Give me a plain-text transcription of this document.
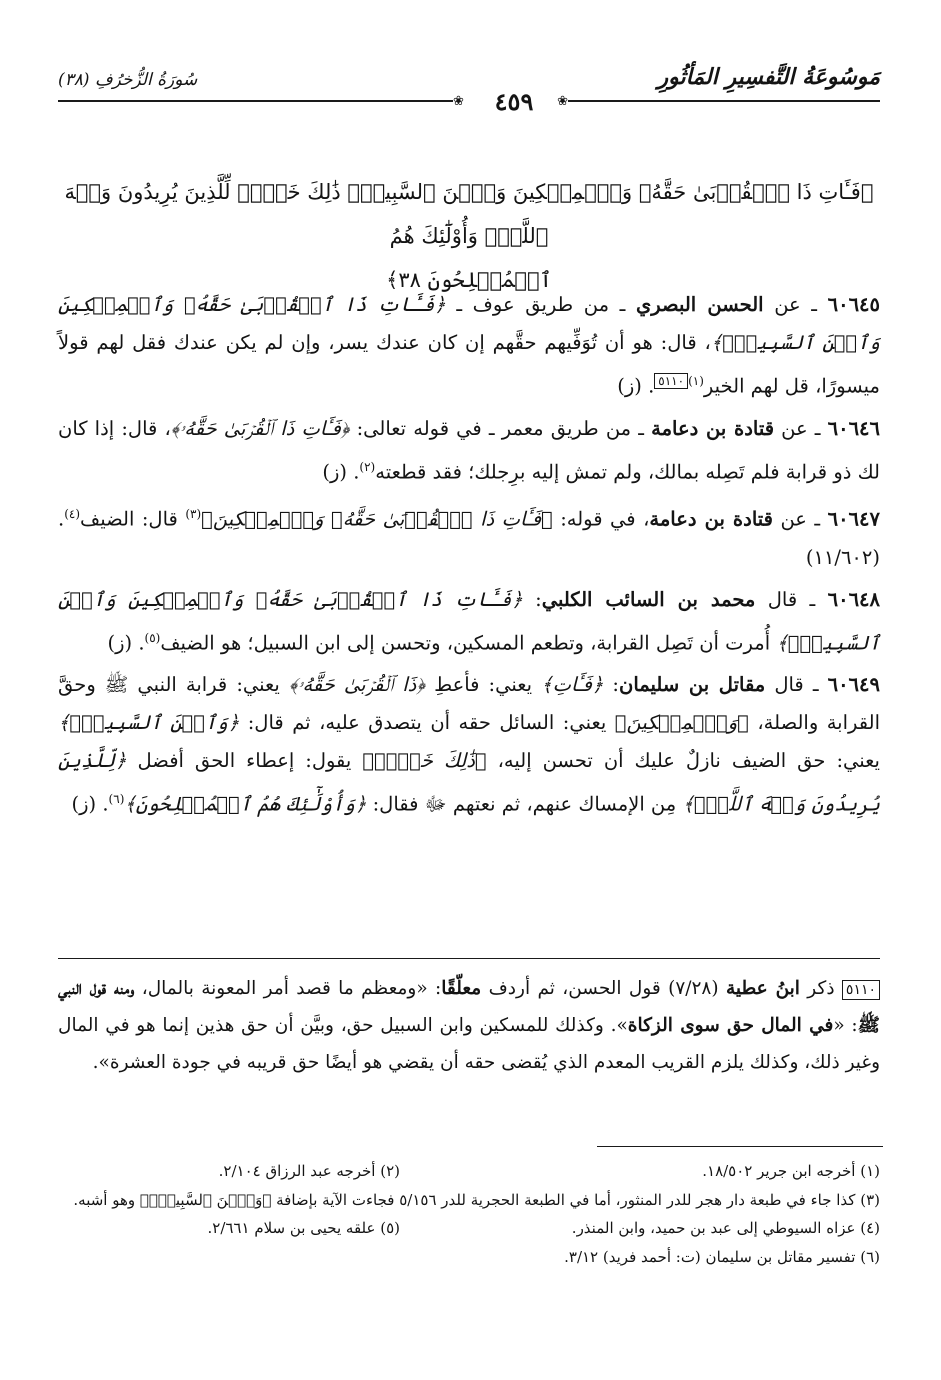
مَوسُوعَةُ التَّفسِيرِ المَأثُورِ
سُورَةُ الزُّخرُفِ (٣٨)
❀
٤٥٩
❀
﴿فَـَٔاتِ ذَا ٱلۡقُرۡبَىٰ حَقَّهُۥ وَٱلۡمِسۡكِينَ وَٱبۡنَ ٱلسَّبِيلِۚ ذَٰلِكَ خَيۡرٞ لِّلَّذِينَ يُرِيدُونَ وَجۡهَ ٱللَّهِۖ وَأُوْلَٰٓئِكَ هُمُ
ٱلۡمُفۡلِحُونَ ٣٨﴾
٦٠٦٤٥ ـ عن الحسن البصري ـ من طريق عوف ـ ﴿فَـَٔاتِ ذَا ٱلۡقُرۡبَىٰ حَقَّهُۥ وَٱلۡمِسۡكِينَ وَٱبۡنَ ٱلسَّبِيلِۚ﴾، قال: هو أن تُوَفِّيهم حقَّهم إن كان عندك يسر، وإن لم يكن عندك فقل لهم قولاً ميسورًا، قل لهم الخير$^{(١)}$٥١١٠. (ز)
٦٠٦٤٦ ـ عن قتادة بن دعامة ـ من طريق معمر ـ في قوله تعالى: ﴿فَـَٔاتِ ذَا ٱلۡقُرۡبَىٰ حَقَّهُۥ﴾، قال: إذا كان لك ذو قرابة فلم تَصِله بمالك، ولم تمش إليه برِجلك؛ فقد قطعته$^{(٢)}$. (ز)
٦٠٦٤٧ ـ عن قتادة بن دعامة، في قوله: ﴿فَـَٔاتِ ذَا ٱلۡقُرۡبَىٰ حَقَّهُۥ وَٱلۡمِسۡكِينَ﴾$^{(٣)}$ قال: الضيف$^{(٤)}$. (١١/٦٠٢)
٦٠٦٤٨ ـ قال محمد بن السائب الكلبي: ﴿فَـَٔاتِ ذَا ٱلۡقُرۡبَىٰ حَقَّهُۥ وَٱلۡمِسۡكِينَ وَٱبۡنَ ٱلسَّبِيلِۚ﴾ أُمرت أن تَصِل القرابة، وتطعم المسكين، وتحسن إلى ابن السبيل؛ هو الضيف$^{(٥)}$. (ز)
٦٠٦٤٩ ـ قال مقاتل بن سليمان: ﴿فَـَٔاتِ﴾ يعني: فأعطِ ﴿ذَا ٱلۡقُرۡبَىٰ حَقَّهُۥ﴾ يعني: قرابة النبي ﷺ وحقَّ القرابة والصلة، ﴿وَٱلۡمِسۡكِينَ﴾ يعني: السائل حقه أن يتصدق عليه، ثم قال: ﴿وَٱبۡنَ ٱلسَّبِيلِۚ﴾ يعني: حق الضيف نازلٌ عليك أن تحسن إليه، ﴿ذَٰلِكَ خَيۡرٞ﴾ يقول: إعطاء الحق أفضل ﴿لِّلَّذِينَ يُرِيدُونَ وَجۡهَ ٱللَّهِۖ﴾ مِن الإمساك عنهم، ثم نعتهم ﷻ فقال: ﴿وَأُوْلَٰٓئِكَ هُمُ ٱلۡمُفۡلِحُونَ﴾$^{(٦)}$. (ز)
٥١١٠ ذكر ابنُ عطية (٧/٢٨) قول الحسن، ثم أردف معلّقًا: «ومعظم ما قصد أمر المعونة بالمال، ومنه قول النبي ﷺ: «في المال حق سوى الزكاة». وكذلك للمسكين وابن السبيل حق، وبيَّن أن حق هذين إنما هو في المال وغير ذلك، وكذلك يلزم القريب المعدم الذي يُقضى حقه أن يقضي هو أيضًا حق قريبه في جودة العشرة».
(١) أخرجه ابن جرير ١٨/٥٠٢.
(٢) أخرجه عبد الرزاق ٢/١٠٤.
(٣) كذا جاء في طبعة دار هجر للدر المنثور، أما في الطبعة الحجرية للدر ٥/١٥٦ فجاءت الآية بإضافة ﴿وَٱبۡنَ ٱلسَّبِيلِۚ﴾ وهو أشبه.
(٤) عزاه السيوطي إلى عبد بن حميد، وابن المنذر.
(٥) علقه يحيى بن سلام ٢/٦٦١.
(٦) تفسير مقاتل بن سليمان (ت: أحمد فريد) ٣/١٢.
